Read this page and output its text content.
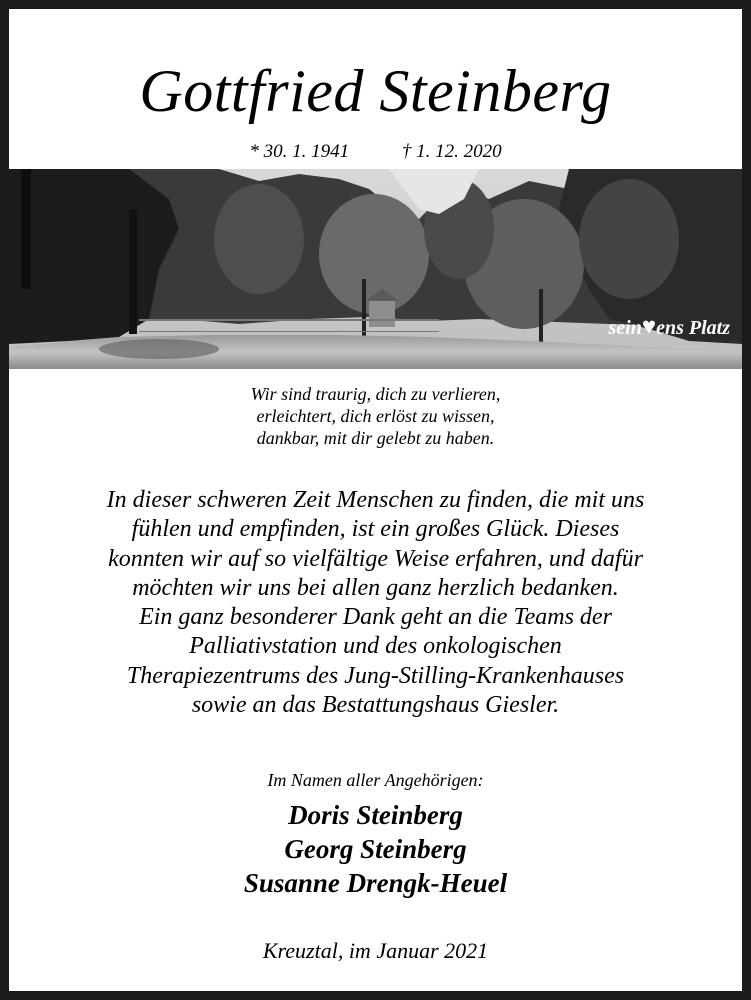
Gottfried Steinberg
* 30. 1. 1941	† 1. 12. 2020
sein♥ens Platz
Wir sind traurig, dich zu verlieren,
erleichtert, dich erlöst zu wissen,
dankbar, mit dir gelebt zu haben.
In dieser schweren Zeit Menschen zu finden, die mit uns
fühlen und empfinden, ist ein großes Glück. Dieses
konnten wir auf so vielfältige Weise erfahren, und dafür
möchten wir uns bei allen ganz herzlich bedanken.
Ein ganz besonderer Dank geht an die Teams der
Palliativstation und des onkologischen
Therapiezentrums des Jung-Stilling-Krankenhauses
sowie an das Bestattungshaus Giesler.
Im Namen aller Angehörigen:
Doris Steinberg
Georg Steinberg
Susanne Drengk-Heuel
Kreuztal, im Januar 2021
